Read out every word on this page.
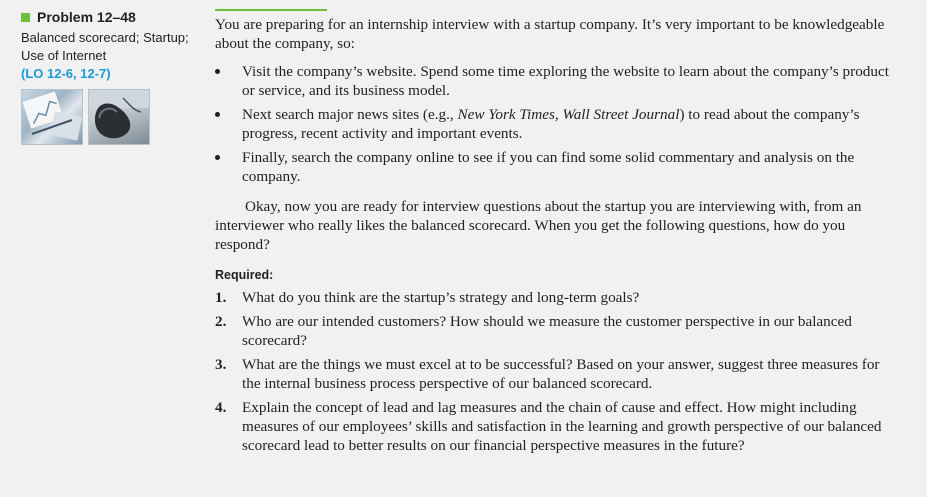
Problem 12–48
Balanced scorecard; Startup;
Use of Internet
(LO 12-6, 12-7)

You are preparing for an internship interview with a startup company. It’s very important to be knowledgeable about the company, so:

Visit the company’s website. Spend some time exploring the website to learn about the company’s product or service, and its business model.
Next search major news sites (e.g., New York Times, Wall Street Journal) to read about the company’s progress, recent activity and important events.
Finally, search the company online to see if you can find some solid commentary and analysis on the company.

Okay, now you are ready for interview questions about the startup you are interviewing with, from an interviewer who really likes the balanced scorecard. When you get the following questions, how do you respond?

Required:
1. What do you think are the startup’s strategy and long-term goals?
2. Who are our intended customers? How should we measure the customer perspective in our balanced scorecard?
3. What are the things we must excel at to be successful? Based on your answer, suggest three measures for the internal business process perspective of our balanced scorecard.
4. Explain the concept of lead and lag measures and the chain of cause and effect. How might including measures of our employees’ skills and satisfaction in the learning and growth perspective of our balanced scorecard lead to better results on our financial perspective measures in the future?
